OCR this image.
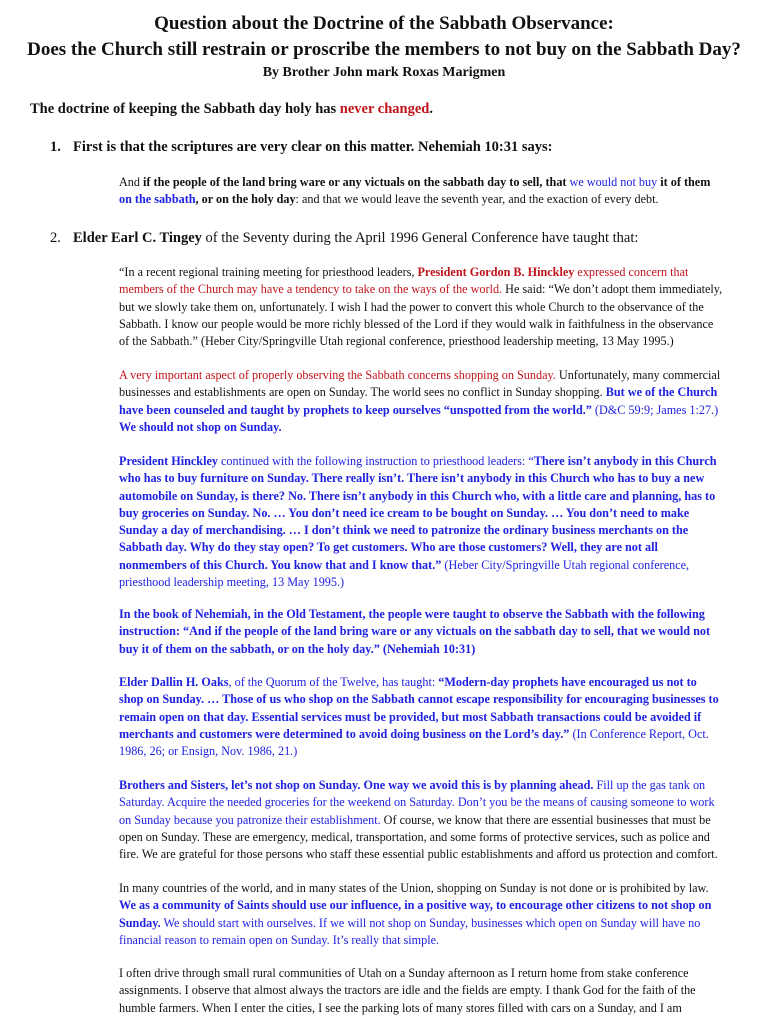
Question about the Doctrine of the Sabbath Observance:
Does the Church still restrain or proscribe the members to not buy on the Sabbath Day?
By Brother John mark Roxas Marigmen
The doctrine of keeping the Sabbath day holy has never changed.
1. First is that the scriptures are very clear on this matter. Nehemiah 10:31 says:
And if the people of the land bring ware or any victuals on the sabbath day to sell, that we would not buy it of them
on the sabbath, or on the holy day: and that we would leave the seventh year, and the exaction of every debt.
2. Elder Earl C. Tingey of the Seventy during the April 1996 General Conference have taught that:
“In a recent regional training meeting for priesthood leaders, President Gordon B. Hinckley expressed concern that
members of the Church may have a tendency to take on the ways of the world. He said: “We don’t adopt them immediately,
but we slowly take them on, unfortunately. I wish I had the power to convert this whole Church to the observance of the
Sabbath. I know our people would be more richly blessed of the Lord if they would walk in faithfulness in the observance
of the Sabbath.” (Heber City/Springville Utah regional conference, priesthood leadership meeting, 13 May 1995.)
A very important aspect of properly observing the Sabbath concerns shopping on Sunday. Unfortunately, many commercial
businesses and establishments are open on Sunday. The world sees no conflict in Sunday shopping. But we of the Church
have been counseled and taught by prophets to keep ourselves “unspotted from the world.” (D&C 59:9; James 1:27.)
We should not shop on Sunday.
President Hinckley continued with the following instruction to priesthood leaders: “There isn’t anybody in this Church
who has to buy furniture on Sunday. There really isn’t. There isn’t anybody in this Church who has to buy a new
automobile on Sunday, is there? No. There isn’t anybody in this Church who, with a little care and planning, has to
buy groceries on Sunday. No. … You don’t need ice cream to be bought on Sunday. … You don’t need to make
Sunday a day of merchandising. … I don’t think we need to patronize the ordinary business merchants on the
Sabbath day. Why do they stay open? To get customers. Who are those customers? Well, they are not all
nonmembers of this Church. You know that and I know that.” (Heber City/Springville Utah regional conference,
priesthood leadership meeting, 13 May 1995.)
In the book of Nehemiah, in the Old Testament, the people were taught to observe the Sabbath with the following
instruction: “And if the people of the land bring ware or any victuals on the sabbath day to sell, that we would not
buy it of them on the sabbath, or on the holy day.” (Nehemiah 10:31)
Elder Dallin H. Oaks, of the Quorum of the Twelve, has taught: “Modern-day prophets have encouraged us not to
shop on Sunday. … Those of us who shop on the Sabbath cannot escape responsibility for encouraging businesses to
remain open on that day. Essential services must be provided, but most Sabbath transactions could be avoided if
merchants and customers were determined to avoid doing business on the Lord’s day.” (In Conference Report, Oct.
1986, 26; or Ensign, Nov. 1986, 21.)
Brothers and Sisters, let’s not shop on Sunday. One way we avoid this is by planning ahead. Fill up the gas tank on
Saturday. Acquire the needed groceries for the weekend on Saturday. Don’t you be the means of causing someone to work
on Sunday because you patronize their establishment. Of course, we know that there are essential businesses that must be
open on Sunday. These are emergency, medical, transportation, and some forms of protective services, such as police and
fire. We are grateful for those persons who staff these essential public establishments and afford us protection and comfort.
In many countries of the world, and in many states of the Union, shopping on Sunday is not done or is prohibited by law.
We as a community of Saints should use our influence, in a positive way, to encourage other citizens to not shop on
Sunday. We should start with ourselves. If we will not shop on Sunday, businesses which open on Sunday will have no
financial reason to remain open on Sunday. It’s really that simple.
I often drive through small rural communities of Utah on a Sunday afternoon as I return home from stake conference
assignments. I observe that almost always the tractors are idle and the fields are empty. I thank God for the faith of the
humble farmers. When I enter the cities, I see the parking lots of many stores filled with cars on a Sunday, and I am
